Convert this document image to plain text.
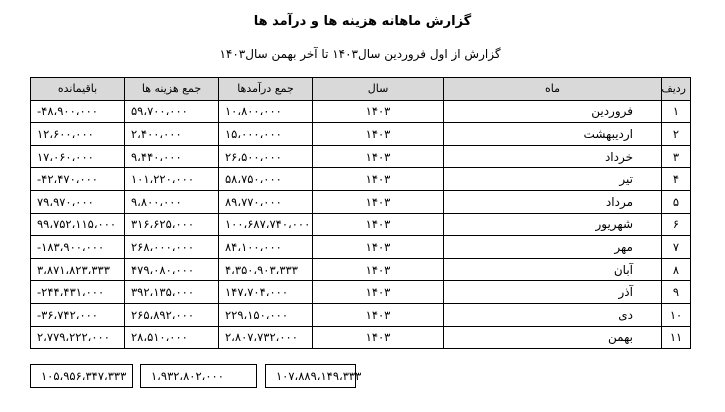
گزارش ماهانه هزینه ها و درآمد ها
گزارش از اول فروردین سال۱۴۰۳ تا آخر بهمن سال۱۴۰۳
ردیف	ماه	سال	جمع درآمدها	جمع هزینه ها	باقیمانده
۱	فروردین	۱۴۰۳	۱۰،۸۰۰،۰۰۰	۵۹،۷۰۰،۰۰۰	-۴۸،۹۰۰،۰۰۰
۲	اردیبهشت	۱۴۰۳	۱۵،۰۰۰،۰۰۰	۲،۴۰۰،۰۰۰	۱۲،۶۰۰،۰۰۰
۳	خرداد	۱۴۰۳	۲۶،۵۰۰،۰۰۰	۹،۴۴۰،۰۰۰	۱۷،۰۶۰،۰۰۰
۴	تیر	۱۴۰۳	۵۸،۷۵۰،۰۰۰	۱۰۱،۲۲۰،۰۰۰	-۴۲،۴۷۰،۰۰۰
۵	مرداد	۱۴۰۳	۸۹،۷۷۰،۰۰۰	۹،۸۰۰،۰۰۰	۷۹،۹۷۰،۰۰۰
۶	شهریور	۱۴۰۳	۱۰۰،۶۸۷،۷۴۰،۰۰۰	۳۱۶،۶۲۵،۰۰۰	۹۹،۷۵۲،۱۱۵،۰۰۰
۷	مهر	۱۴۰۳	۸۴،۱۰۰،۰۰۰	۲۶۸،۰۰۰،۰۰۰	-۱۸۳،۹۰۰،۰۰۰
۸	آبان	۱۴۰۳	۴،۳۵۰،۹۰۳،۳۳۳	۴۷۹،۰۸۰،۰۰۰	۳،۸۷۱،۸۲۳،۳۳۳
۹	آذر	۱۴۰۳	۱۴۷،۷۰۴،۰۰۰	۳۹۲،۱۳۵،۰۰۰	-۲۴۴،۴۳۱،۰۰۰
۱۰	دی	۱۴۰۳	۲۲۹،۱۵۰،۰۰۰	۲۶۵،۸۹۲،۰۰۰	-۳۶،۷۴۲،۰۰۰
۱۱	بهمن	۱۴۰۳	۲،۸۰۷،۷۳۲،۰۰۰	۲۸،۵۱۰،۰۰۰	۲،۷۷۹،۲۲۲،۰۰۰
۱۰۷،۸۸۹،۱۴۹،۳۳۳
۱،۹۳۲،۸۰۲،۰۰۰
۱۰۵،۹۵۶،۳۴۷،۳۳۳
